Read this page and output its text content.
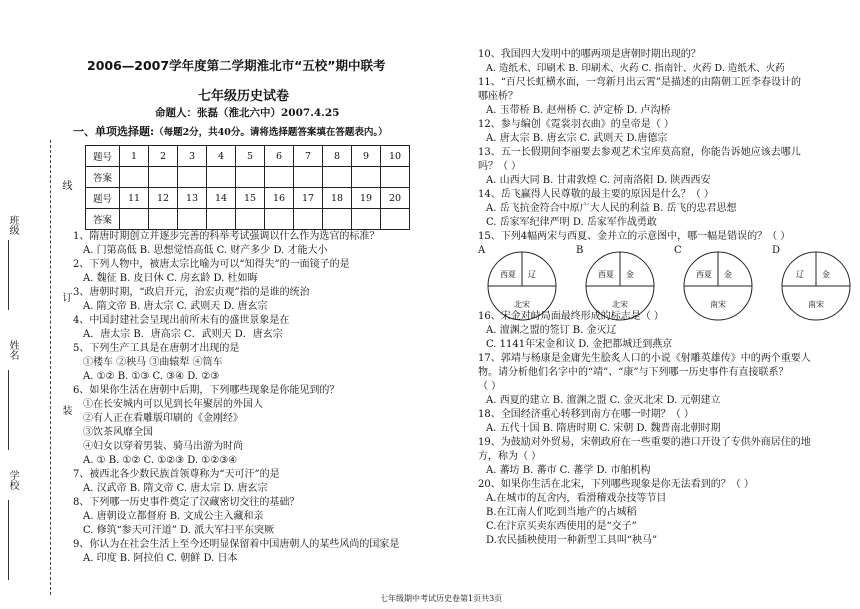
线
班级
订
姓名
装
学校
2006—2007学年度第二学期淮北市“五校”期中联考
七年级历史试卷
命题人：张磊（淮北六中）2007.4.25
一、单项选择题:（每题2分，共40分。请将选择题答案填在答题表内。）
题号	1	2	3	4	5	6	7	8	9	10
答案										
题号	11	12	13	14	15	16	17	18	19	20
答案										
1、隋唐时期创立并逐步完善的科举考试强调以什么作为选官的标准？
A. 门第高低 B. 思想觉悟高低 C. 财产多少 D. 才能大小
2、下列人物中，被唐太宗比喻为可以“知得失”的一面镜子的是
A. 魏征 B. 皮日休 C. 房玄龄 D. 杜如晦
3、唐朝时期，“政启开元，治宏贞观”指的是谁的统治
A. 隋文帝 B. 唐太宗 C. 武则天 D. 唐玄宗
4、中国封建社会呈现出前所未有的盛世景象是在
A．唐太宗 B．唐高宗 C．武则天 D．唐玄宗
5、下列生产工具是在唐朝才出现的是
①楼车 ②秧马 ③曲辕犁 ④筒车
A. ①② B. ①③ C. ③④ D. ②③
6、如果你生活在唐朝中后期，下列哪些现象是你能见到的？
①在长安城内可以见到长年聚居的外国人
②有人正在看雕版印刷的《金刚经》
③饮茶风靡全国
④妇女以穿着男装、骑马出游为时尚
A. ① B. ①② C. ①②③ D. ①②③④
7、被西北各少数民族首领尊称为“天可汗”的是
A. 汉武帝 B. 隋文帝 C. 唐太宗 D. 唐玄宗
8、下列哪一历史事件奠定了汉藏密切交往的基础？
A. 唐朝设立都督府 B. 文成公主入藏和亲
C. 修筑“参天可汗道” D. 派大军扫平东突厥
9、你认为在社会生活上至今还明显保留着中国唐朝人的某些风尚的国家是
A. 印度 B. 阿拉伯 C. 朝鲜 D. 日本
10、我国四大发明中的哪两项是唐朝时期出现的？
A. 造纸术、印刷术 B. 印刷术、火药 C. 指南针、火药 D. 造纸术、火药
11、“百尺长虹横水面，一弯新月出云霄”是描述的由隋朝工匠李春设计的
哪座桥？
A. 玉带桥 B. 赵州桥 C. 泸定桥 D. 卢沟桥
12、参与编创《霓裳羽衣曲》的皇帝是（ ）
A. 唐太宗 B. 唐玄宗 C. 武则天 D.唐德宗
13、五一长假期间李丽要去参观艺术宝库莫高窟，你能告诉她应该去哪儿
吗？（ ）
A. 山西大同 B. 甘肃敦煌 C. 河南洛阳 D. 陕西西安
14、岳飞赢得人民尊敬的最主要的原因是什么？（ ）
A. 岳飞抗金符合中原广大人民的利益 B. 岳飞的忠君思想
C. 岳家军纪律严明 D. 岳家军作战勇敢
15、下列4幅两宋与西夏、金并立的示意图中，哪一幅是错误的？（ ）
A
西夏 辽
北宋
B
西夏 金
北宋
C
西夏 金
南宋
D
辽 金
南宋
16、宋金对峙局面最终形成的标志是（ ）
A. 澶渊之盟的签订 B. 金灭辽
C. 1141年宋金和议 D. 金把都城迁到燕京
17、郭靖与杨康是金庸先生脍炙人口的小说《射雕英雄传》中的两个重要人
物。请分析他们名字中的“靖”、“康”与下列哪一历史事件有直接联系？
（ ）
A. 西夏的建立 B. 澶渊之盟 C. 金灭北宋 D. 元朝建立
18、全国经济重心转移到南方在哪一时期？（ ）
A. 五代十国 B. 隋唐时期 C. 宋朝 D. 魏晋南北朝时期
19、为鼓励对外贸易，宋朝政府在一些重要的港口开设了专供外商居住的地
方，称为（ ）
A. 蕃坊 B. 蕃市 C. 蕃学 D. 市舶机构
20、如果你生活在北宋，下列哪些现象是你无法看到的？（ ）
A.在城市的瓦舍内，看滑稽戏杂技等节目
B.在江南人们吃到当地产的占城稻
C.在汴京买卖东西使用的是“交子”
D.农民插秧使用一种新型工具叫“秧马”
七年级期中考试历史卷第1页共3页
